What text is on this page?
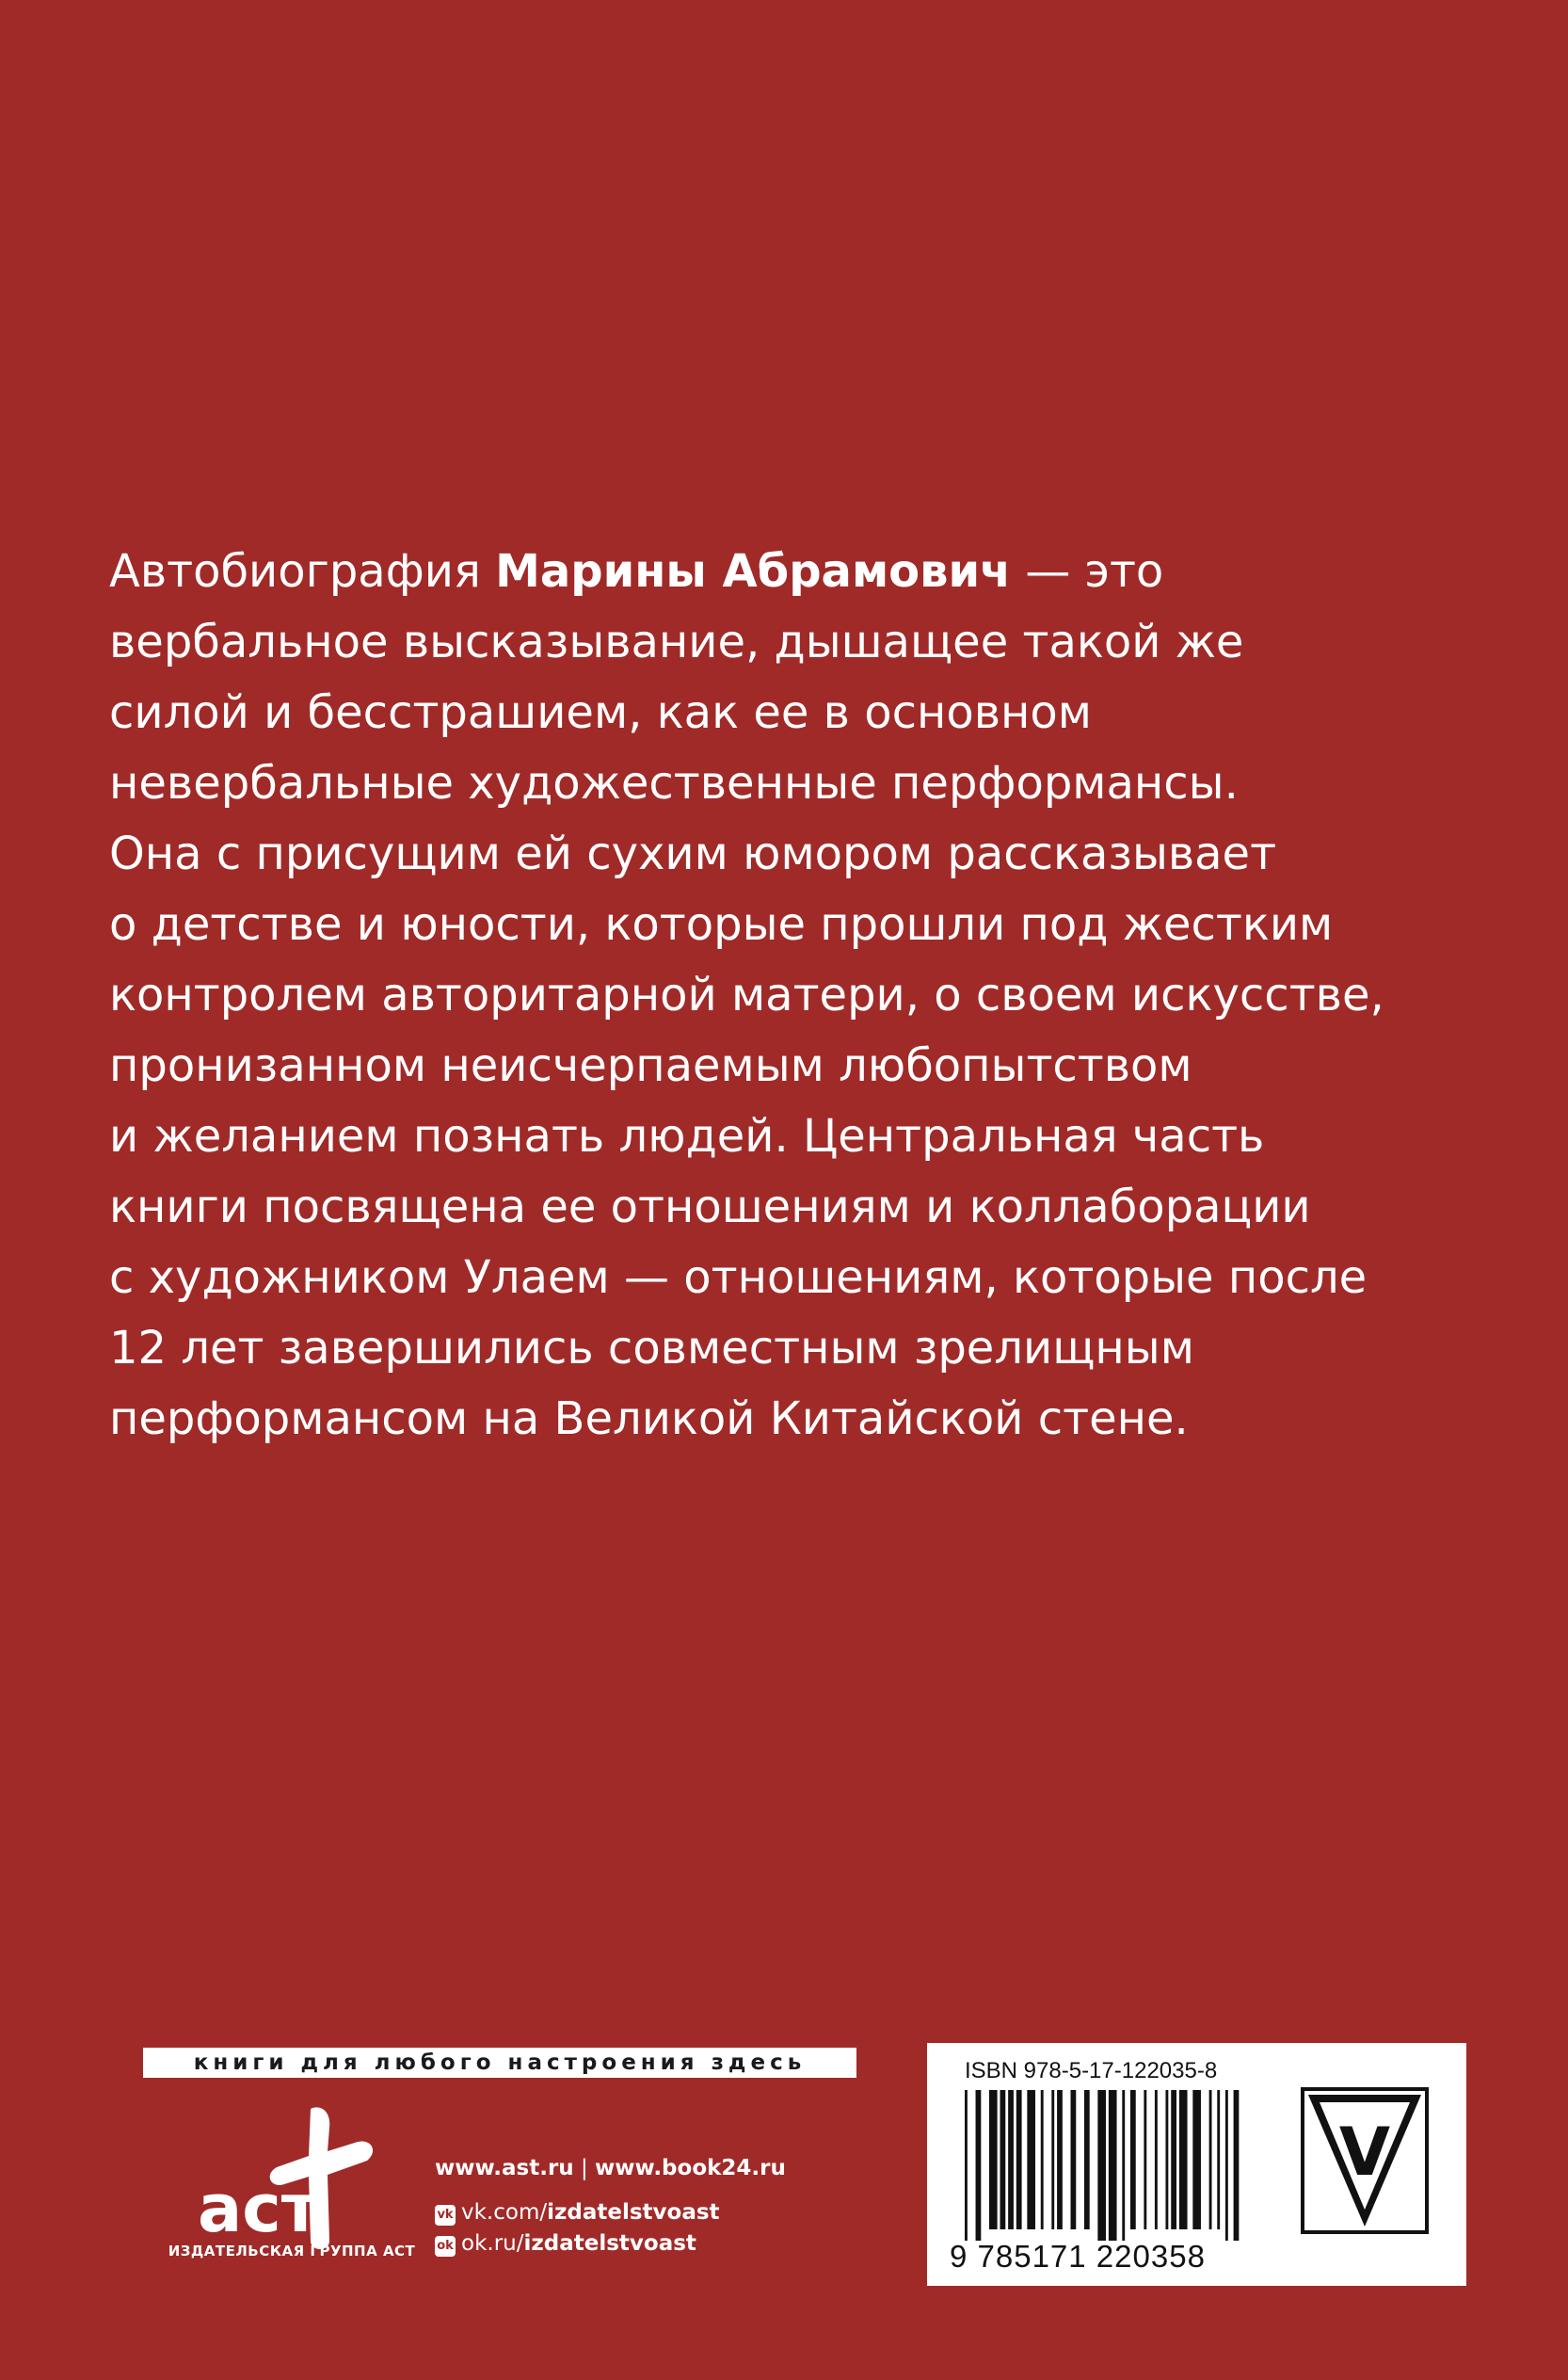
Автобиография Марины Абрамович — это
вербальное высказывание, дышащее такой же
силой и бесстрашием, как ее в основном
невербальные художественные перформансы.
Она с присущим ей сухим юмором рассказывает
о детстве и юности, которые прошли под жестким
контролем авторитарной матери, о своем искусстве,
пронизанном неисчерпаемым любопытством
и желанием познать людей. Центральная часть
книги посвящена ее отношениям и коллаборации
с художником Улаем — отношениям, которые после
12 лет завершились совместным зрелищным
перформансом на Великой Китайской стене.
книги для любого настроения здесь
аст
ИЗДАТЕЛЬСКАЯ ГРУППА АСТ
www.ast.ru | www.book24.ru
vk vk.com/izdatelstvoast
ok ok.ru/izdatelstvoast
ISBN 978-5-17-122035-8
9 785171 220358
V
